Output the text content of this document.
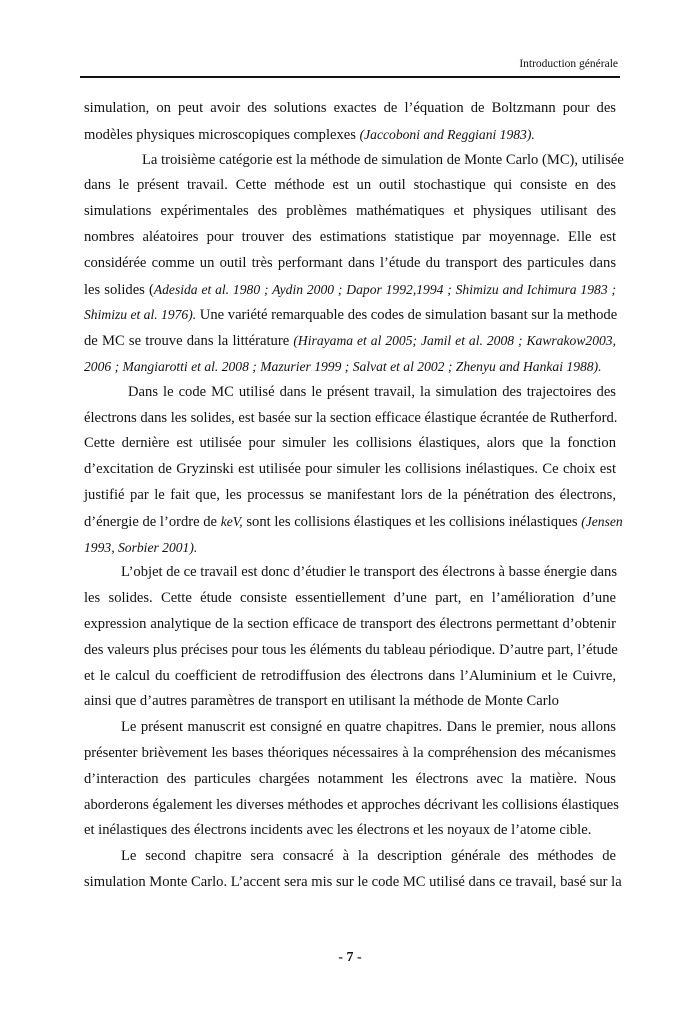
Introduction générale
simulation, on peut avoir des solutions exactes de l’équation de Boltzmann pour des
modèles physiques microscopiques complexes (Jaccoboni and Reggiani 1983).
La troisième catégorie est la méthode de simulation de Monte Carlo (MC), utilisée
dans le présent travail. Cette méthode est un outil stochastique qui consiste en des
simulations expérimentales des problèmes mathématiques et physiques utilisant des
nombres aléatoires pour trouver des estimations statistique par moyennage. Elle est
considérée comme un outil très performant dans l’étude du transport des particules dans
les solides (Adesida et al. 1980 ; Aydin 2000 ; Dapor 1992,1994 ; Shimizu and Ichimura 1983 ;
Shimizu et al. 1976). Une variété remarquable des codes de simulation basant sur la methode
de MC se trouve dans la littérature (Hirayama et al 2005; Jamil et al. 2008 ; Kawrakow2003,
2006 ; Mangiarotti et al. 2008 ; Mazurier 1999 ; Salvat et al 2002 ; Zhenyu and Hankai 1988).
Dans le code MC utilisé dans le présent travail, la simulation des trajectoires des
électrons dans les solides, est basée sur la section efficace élastique écrantée de Rutherford.
Cette dernière est utilisée pour simuler les collisions élastiques, alors que la fonction
d’excitation de Gryzinski est utilisée pour simuler les collisions inélastiques. Ce choix est
justifié par le fait que, les processus se manifestant lors de la pénétration des électrons,
d’énergie de l’ordre de keV, sont les collisions élastiques et les collisions inélastiques (Jensen
1993, Sorbier 2001).
L’objet de ce travail est donc d’étudier le transport des électrons à basse énergie dans
les solides. Cette étude consiste essentiellement d’une part, en l’amélioration d’une
expression analytique de la section efficace de transport des électrons permettant d’obtenir
des valeurs plus précises pour tous les éléments du tableau périodique. D’autre part, l’étude
et le calcul du coefficient de retrodiffusion des électrons dans l’Aluminium et le Cuivre,
ainsi que d’autres paramètres de transport en utilisant la méthode de Monte Carlo
Le présent manuscrit est consigné en quatre chapitres. Dans le premier, nous allons
présenter brièvement les bases théoriques nécessaires à la compréhension des mécanismes
d’interaction des particules chargées notamment les électrons avec la matière. Nous
aborderons également les diverses méthodes et approches décrivant les collisions élastiques
et inélastiques des électrons incidents avec les électrons et les noyaux de l’atome cible.
Le second chapitre sera consacré à la description générale des méthodes de
simulation Monte Carlo. L’accent sera mis sur le code MC utilisé dans ce travail, basé sur la
- 7 -
